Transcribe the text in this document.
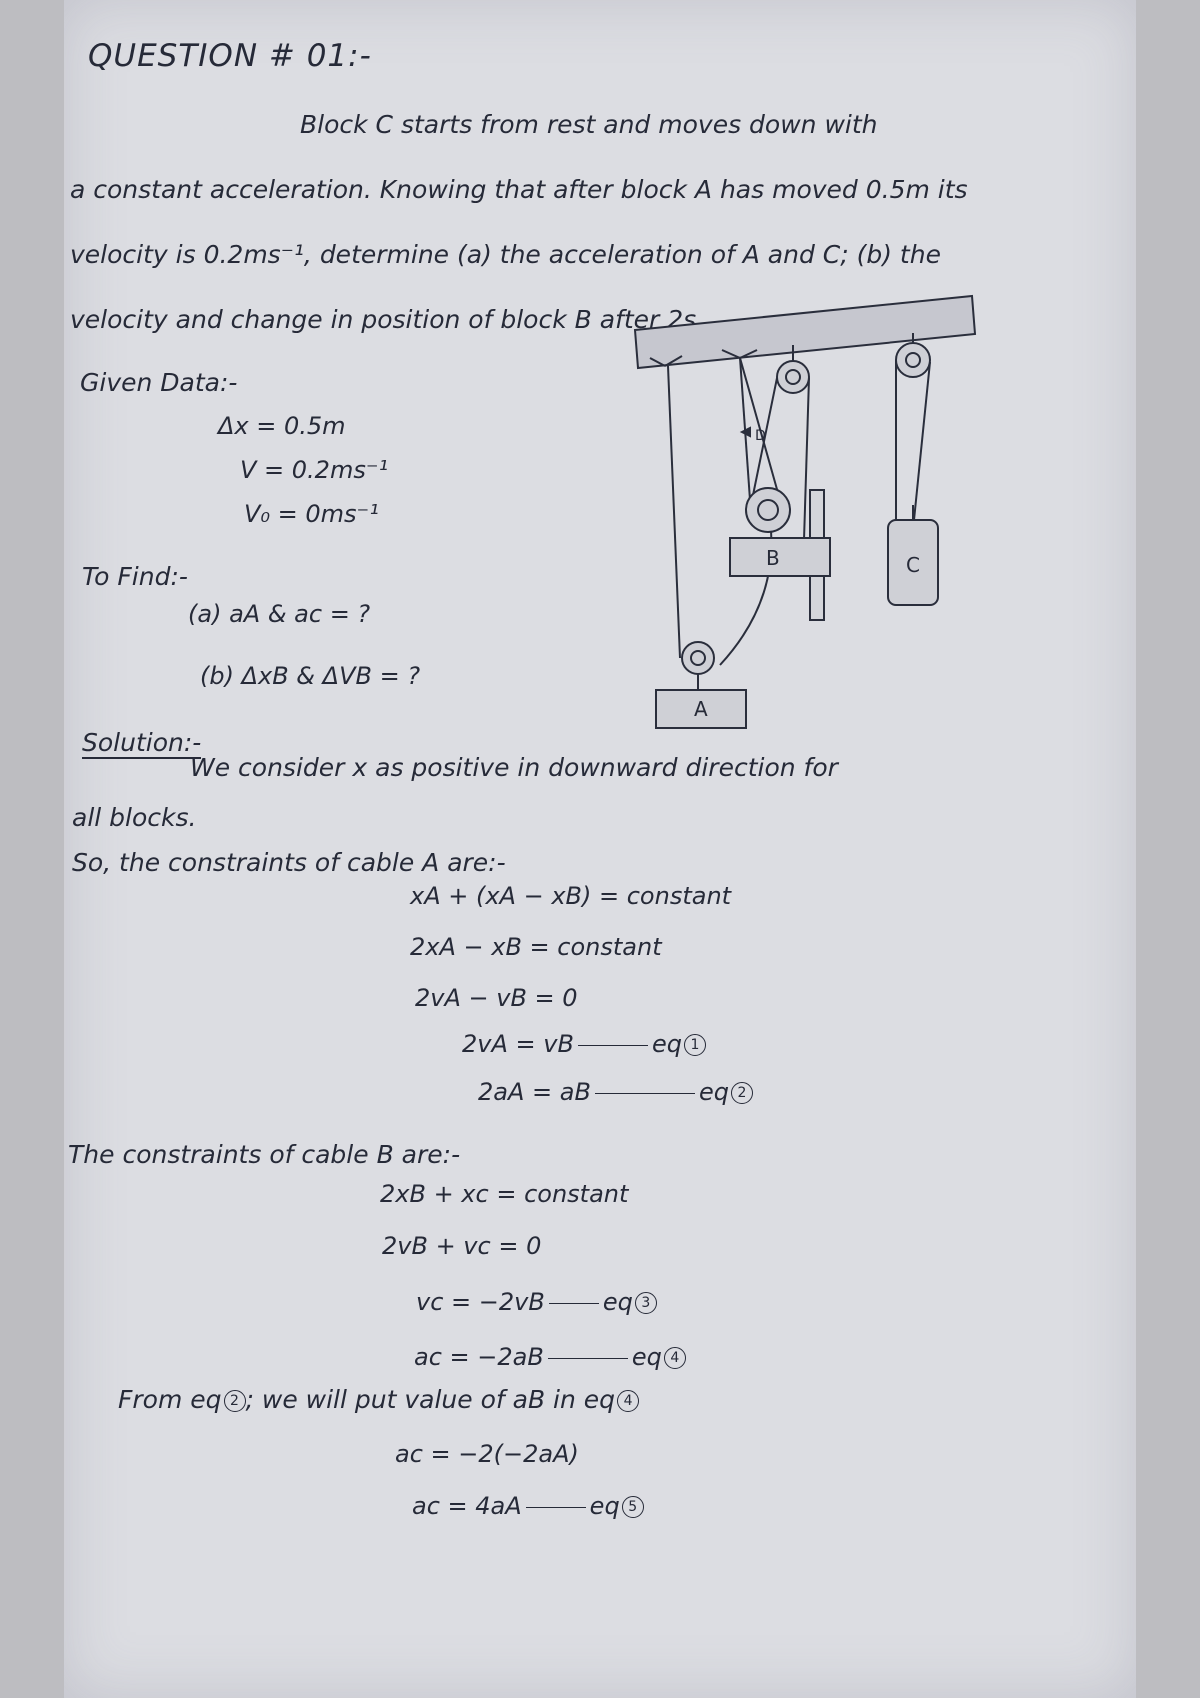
QUESTION # 01:-
Block C starts from rest and moves down with
a constant acceleration. Knowing that after block A has moved 0.5m its
velocity is 0.2ms⁻¹, determine (a) the acceleration of A and C; (b) the
velocity and change in position of block B after 2s.
Given Data:-
Δx = 0.5m
V = 0.2ms⁻¹
V₀ = 0ms⁻¹
To Find:-
(a) aA & ac = ?
(b) ΔxB & ΔVB = ?
B	C
A
D
Solution:-
We consider x as positive in downward direction for
all blocks.
So, the constraints of cable A are:-
xA + (xA − xB) = constant
2xA − xB = constant
2vA − vB = 0
2vA = vB	eq 1
2aA = aB	eq 2
The constraints of cable B are:-
2xB + xc = constant
2vB + vc = 0
vc = −2vB eq 3
ac = −2aB	eq 4
From eq 2 ; we will put value of aB in eq 4
ac = −2(−2aA)
ac = 4aA	eq 5
